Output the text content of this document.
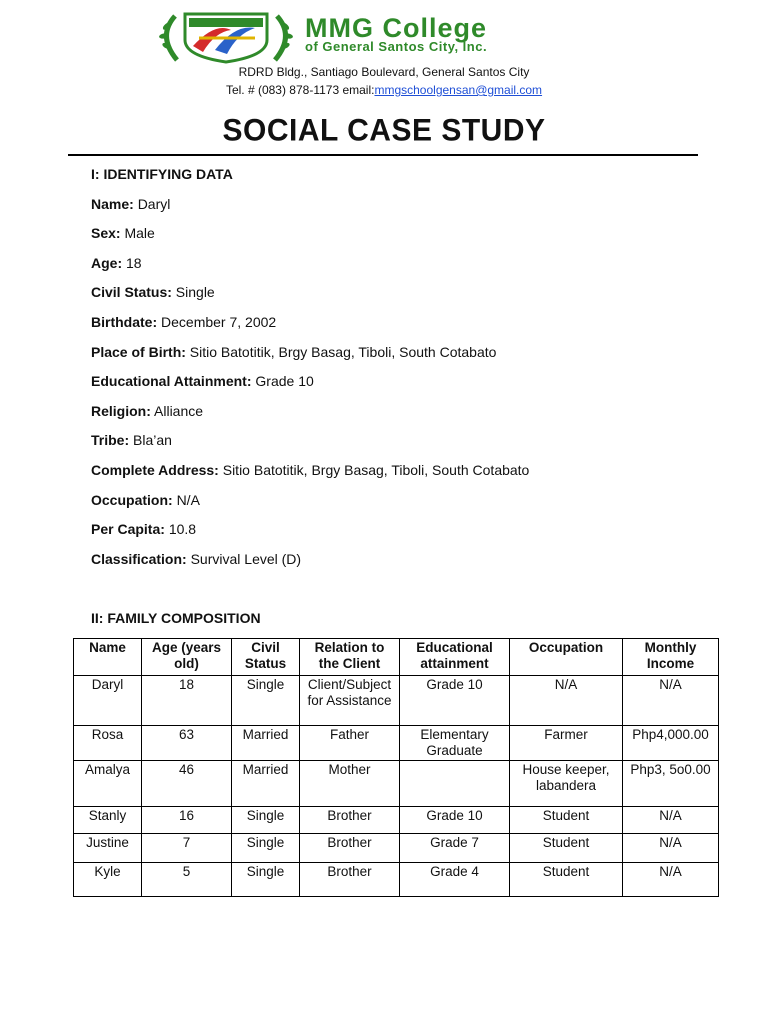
MMG College
of General Santos City, Inc.
RDRD Bldg., Santiago Boulevard, General Santos City
Tel. # (083) 878-1173 email:mmgschoolgensan@gmail.com
SOCIAL CASE STUDY
I: IDENTIFYING DATA
Name: Daryl
Sex: Male
Age: 18
Civil Status: Single
Birthdate: December 7, 2002
Place of Birth: Sitio Batotitik, Brgy Basag, Tiboli, South Cotabato
Educational Attainment: Grade 10
Religion: Alliance
Tribe: Bla’an
Complete Address: Sitio Batotitik, Brgy Basag, Tiboli, South Cotabato
Occupation: N/A
Per Capita: 10.8
Classification: Survival Level (D)
II: FAMILY COMPOSITION
Name	Age (years old)	Civil Status	Relation to the Client	Educational attainment	Occupation	Monthly Income
Daryl	18	Single	Client/Subject for Assistance	Grade 10	N/A	N/A
Rosa	63	Married	Father	Elementary Graduate	Farmer	Php4,000.00
Amalya	46	Married	Mother		House keeper, labandera	Php3, 5o0.00
Stanly	16	Single	Brother	Grade 10	Student	N/A
Justine	7	Single	Brother	Grade 7	Student	N/A
Kyle	5	Single	Brother	Grade 4	Student	N/A
